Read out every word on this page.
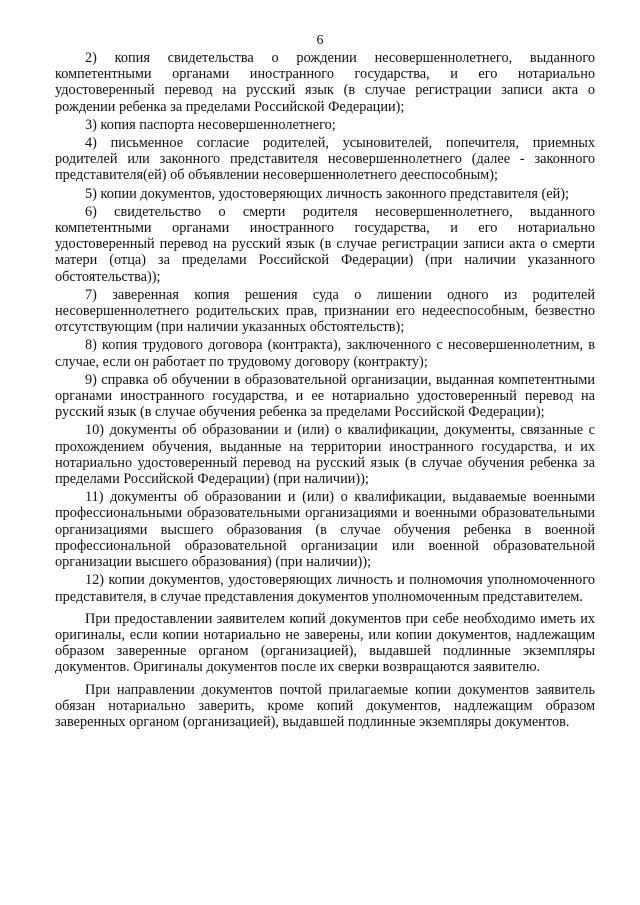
6

2) копия свидетельства о рождении несовершеннолетнего, выданного компетентными органами иностранного государства, и его нотариально удостоверенный перевод на русский язык (в случае регистрации записи акта о рождении ребенка за пределами Российской Федерации);

3) копия паспорта несовершеннолетнего;

4) письменное согласие родителей, усыновителей, попечителя, приемных родителей или законного представителя несовершеннолетнего (далее - законного представителя(ей) об объявлении несовершеннолетнего дееспособным);

5) копии документов, удостоверяющих личность законного представителя (ей);

6) свидетельство о смерти родителя несовершеннолетнего, выданного компетентными органами иностранного государства, и его нотариально удостоверенный перевод на русский язык (в случае регистрации записи акта о смерти матери (отца) за пределами Российской Федерации) (при наличии указанного обстоятельства));

7) заверенная копия решения суда о лишении одного из родителей несовершеннолетнего родительских прав, признании его недееспособным, безвестно отсутствующим (при наличии указанных обстоятельств);

8) копия трудового договора (контракта), заключенного с несовершеннолетним, в случае, если он работает по трудовому договору (контракту);

9) справка об обучении в образовательной организации, выданная компетентными органами иностранного государства, и ее нотариально удостоверенный перевод на русский язык (в случае обучения ребенка за пределами Российской Федерации);

10) документы об образовании и (или) о квалификации, документы, связанные с прохождением обучения, выданные на территории иностранного государства, и их нотариально удостоверенный перевод на русский язык (в случае обучения ребенка за пределами Российской Федерации) (при наличии));

11) документы об образовании и (или) о квалификации, выдаваемые военными профессиональными образовательными организациями и военными образовательными организациями высшего образования (в случае обучения ребенка в военной профессиональной образовательной организации или военной образовательной организации высшего образования) (при наличии));

12) копии документов, удостоверяющих личность и полномочия уполномоченного представителя, в случае представления документов уполномоченным представителем.

При предоставлении заявителем копий документов при себе необходимо иметь их оригиналы, если копии нотариально не заверены, или копии документов, надлежащим образом заверенные органом (организацией), выдавшей подлинные экземпляры документов. Оригиналы документов после их сверки возвращаются заявителю.

При направлении документов почтой прилагаемые копии документов заявитель обязан нотариально заверить, кроме копий документов, надлежащим образом заверенных органом (организацией), выдавшей подлинные экземпляры документов.
